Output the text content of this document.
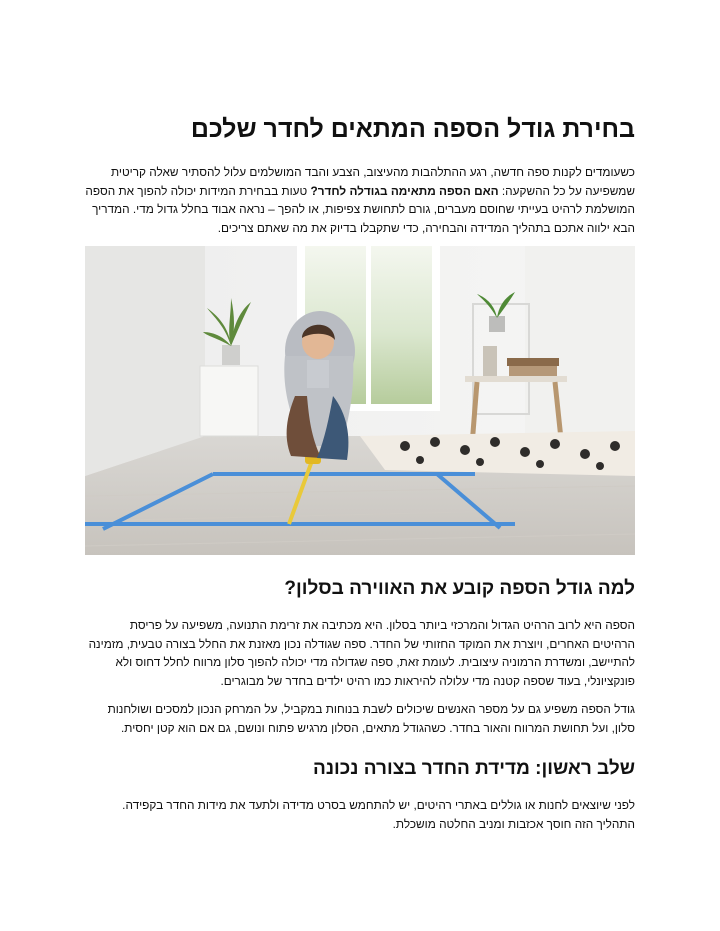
בחירת גודל הספה המתאים לחדר שלכם

כשעומדים לקנות ספה חדשה, רגע ההתלהבות מהעיצוב, הצבע והבד המושלמים עלול להסתיר שאלה קריטית שמשפיעה על כל ההשקעה: האם הספה מתאימה בגודלה לחדר? טעות בבחירת המידות יכולה להפוך את הספה המושלמת לרהיט בעייתי שחוסם מעברים, גורם לתחושת צפיפות, או להפך – נראה אבוד בחלל גדול מדי. המדריך הבא ילווה אתכם בתהליך המדידה והבחירה, כדי שתקבלו בדיוק את מה שאתם צריכים.

למה גודל הספה קובע את האווירה בסלון?

הספה היא לרוב הרהיט הגדול והמרכזי ביותר בסלון. היא מכתיבה את זרימת התנועה, משפיעה על פריסת הרהיטים האחרים, ויוצרת את המוקד החזותי של החדר. ספה שגודלה נכון מאזנת את החלל בצורה טבעית, מזמינה להתיישב, ומשדרת הרמוניה עיצובית. לעומת זאת, ספה שגדולה מדי יכולה להפוך סלון מרווח לחלל דחוס ולא פונקציונלי, בעוד שספה קטנה מדי עלולה להיראות כמו רהיט ילדים בחדר של מבוגרים.

גודל הספה משפיע גם על מספר האנשים שיכולים לשבת בנוחות במקביל, על המרחק הנכון למסכים ושולחנות סלון, ועל תחושת המרווח והאור בחדר. כשהגודל מתאים, הסלון מרגיש פתוח ונושם, גם אם הוא קטן יחסית.

שלב ראשון: מדידת החדר בצורה נכונה

לפני שיוצאים לחנות או גוללים באתרי רהיטים, יש להתחמש בסרט מדידה ולתעד את מידות החדר בקפידה. התהליך הזה חוסך אכזבות ומניב החלטה מושכלת.
